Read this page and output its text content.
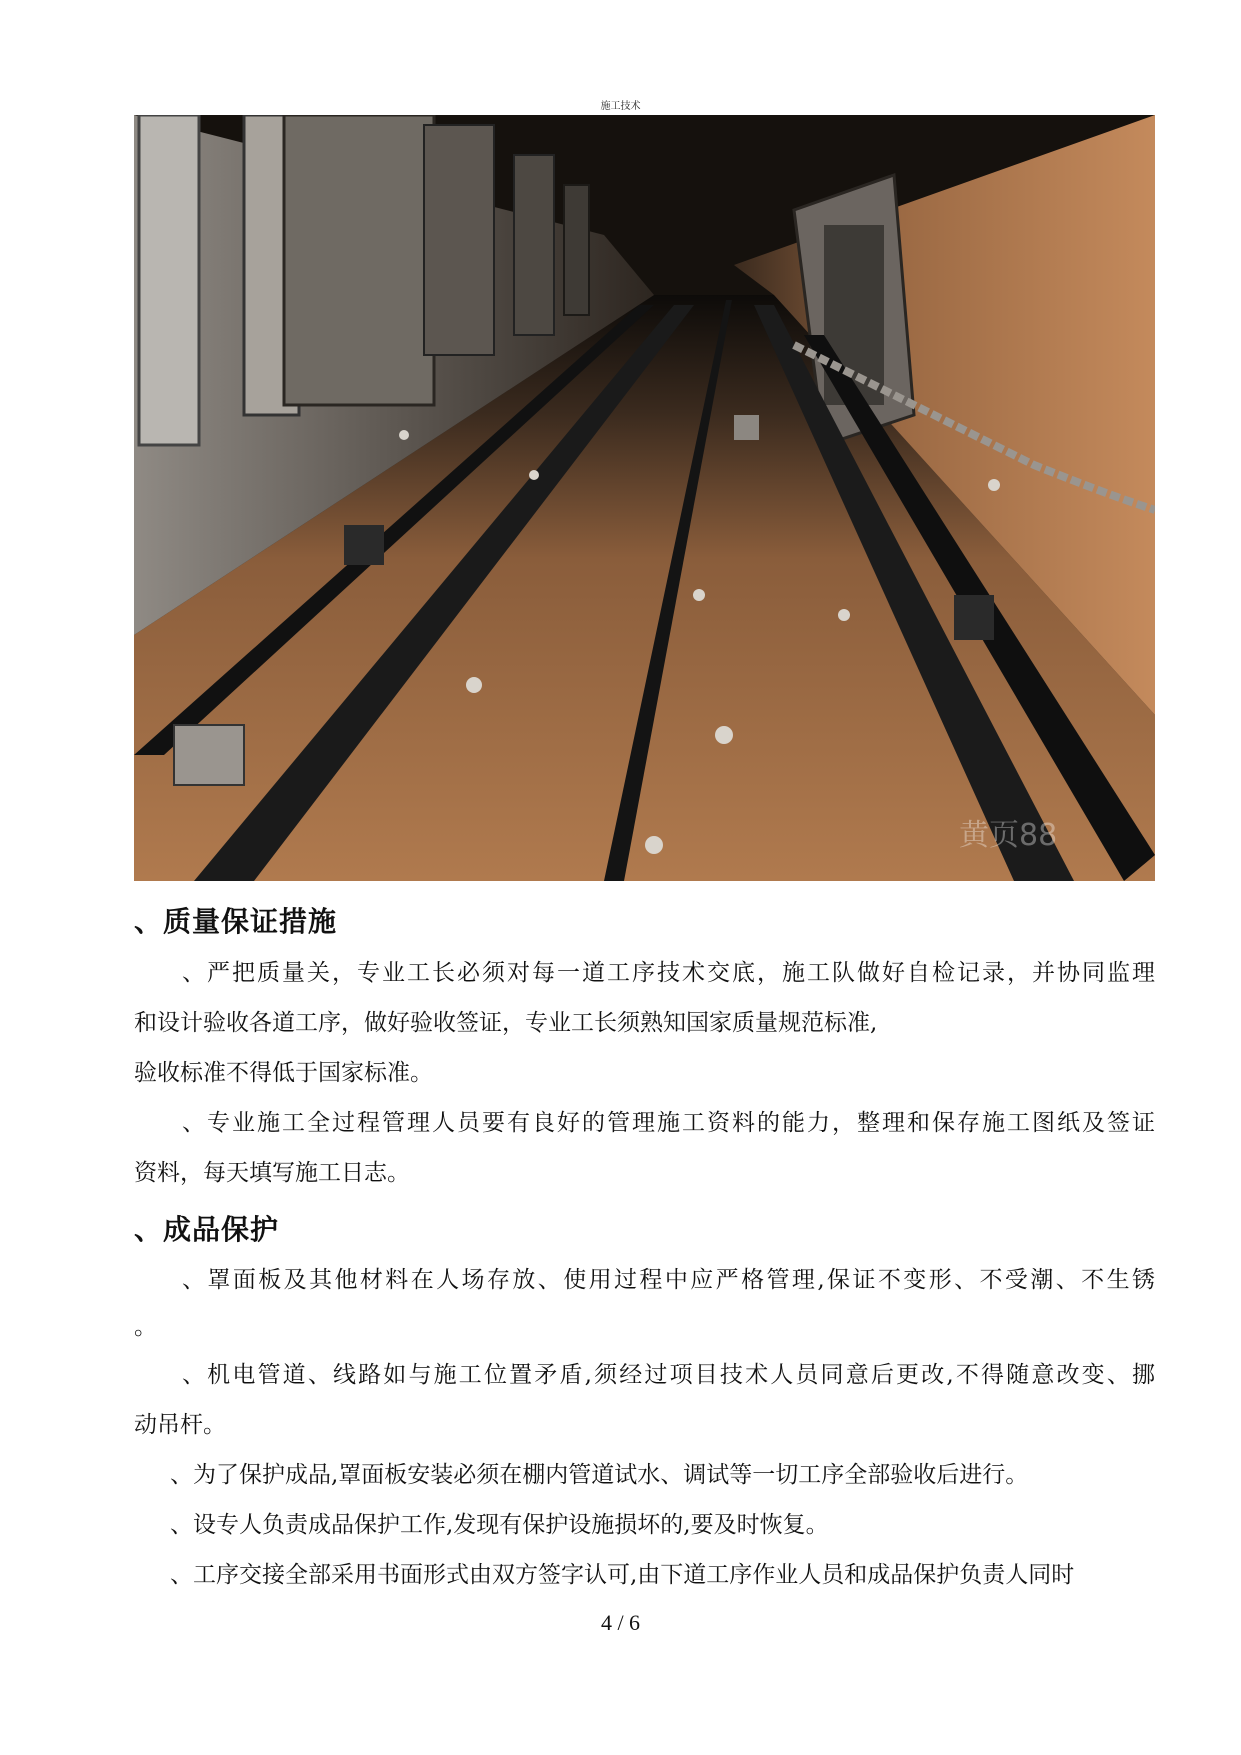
施工技术
黄页88
、质量保证措施

、严把质量关，专业工长必须对每一道工序技术交底，施工队做好自检记录，并协同监理

和设计验收各道工序，做好验收签证，专业工长须熟知国家质量规范标准,

验收标准不得低于国家标准。

、专业施工全过程管理人员要有良好的管理施工资料的能力，整理和保存施工图纸及签证

资料，每天填写施工日志。

、成品保护

、罩面板及其他材料在人场存放、使用过程中应严格管理,保证不变形、不受潮、不生锈

。

、机电管道、线路如与施工位置矛盾,须经过项目技术人员同意后更改,不得随意改变、挪

动吊杆。

、为了保护成品,罩面板安装必须在棚内管道试水、调试等一切工序全部验收后进行。

、设专人负责成品保护工作,发现有保护设施损坏的,要及时恢复。

、工序交接全部采用书面形式由双方签字认可,由下道工序作业人员和成品保护负责人同时

4 / 6
